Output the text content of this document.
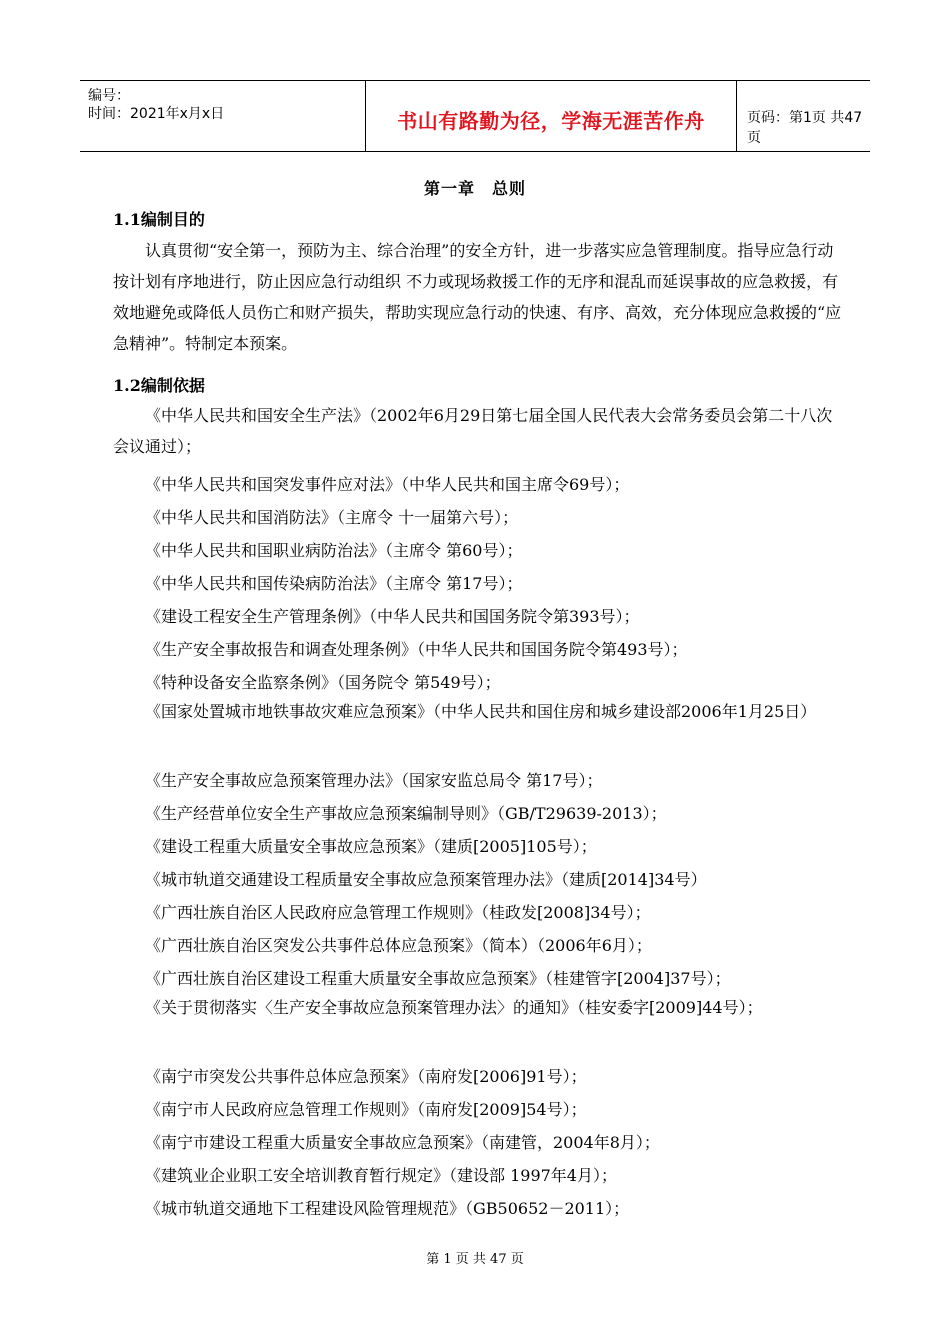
编号：
时间：2021年x月x日	书山有路勤为径，学海无涯苦作舟	页码：第1页 共47页
第一章　总则
1.1编制目的
认真贯彻“安全第一，预防为主、综合治理”的安全方针，进一步落实应急管理制度。指导应急行动按计划有序地进行，防止因应急行动组织 不力或现场救援工作的无序和混乱而延误事故的应急救援，有效地避免或降低人员伤亡和财产损失，帮助实现应急行动的快速、有序、高效，充分体现应急救援的“应急精神”。特制定本预案。
1.2编制依据
《中华人民共和国安全生产法》（2002年6月29日第七届全国人民代表大会常务委员会第二十八次会议通过）；
《中华人民共和国突发事件应对法》（中华人民共和国主席令69号）；
《中华人民共和国消防法》（主席令 十一届第六号）；
《中华人民共和国职业病防治法》（主席令 第60号）；
《中华人民共和国传染病防治法》（主席令 第17号）；
《建设工程安全生产管理条例》（中华人民共和国国务院令第393号）；
《生产安全事故报告和调查处理条例》（中华人民共和国国务院令第493号）；
《特种设备安全监察条例》（国务院令 第549号）；
《国家处置城市地铁事故灾难应急预案》（中华人民共和国住房和城乡建设部2006年1月25日）
《生产安全事故应急预案管理办法》（国家安监总局令 第17号）；
《生产经营单位安全生产事故应急预案编制导则》（GB/T29639-2013）；
《建设工程重大质量安全事故应急预案》（建质[2005]105号）；
《城市轨道交通建设工程质量安全事故应急预案管理办法》（建质[2014]34号）
《广西壮族自治区人民政府应急管理工作规则》（桂政发[2008]34号）；
《广西壮族自治区突发公共事件总体应急预案》（简本）（2006年6月）；
《广西壮族自治区建设工程重大质量安全事故应急预案》（桂建管字[2004]37号）；
《关于贯彻落实〈生产安全事故应急预案管理办法〉的通知》（桂安委字[2009]44号）；
《南宁市突发公共事件总体应急预案》（南府发[2006]91号）；
《南宁市人民政府应急管理工作规则》（南府发[2009]54号）；
《南宁市建设工程重大质量安全事故应急预案》（南建管，2004年8月）；
《建筑业企业职工安全培训教育暂行规定》（建设部 1997年4月）；
《城市轨道交通地下工程建设风险管理规范》（GB50652－2011）；
第 1 页 共 47 页
